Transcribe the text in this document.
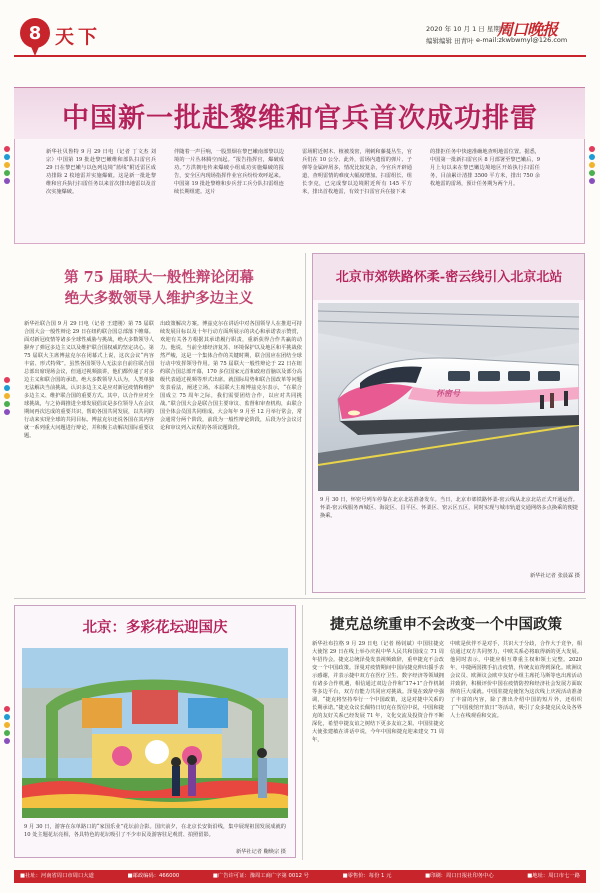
8 天下	2020 年 10 月 1 日 星期四
编辑编辑 田青叶 e-mail:zkwbwmyl@126.com
周口晚报
中国新一批赴黎维和官兵首次成功排雷
新华社贝鲁特 9 月 29 日电（记者 丁文杰 刘宗）中国第 19 批赴黎巴嫩维和部队扫雷官兵 29 日在黎巴嫩与以色列边境“蓝线”附近雷区成功排除 2 枚地雷并实施爆破。这是新一批赴黎维和官兵执行扫雷任务以来首次排出地雷以及首次实施爆破。
伴随着一声巨响，一股黑烟在黎巴嫩南部黎以边境的一片丛林腾空而起。“报告指挥官，爆破成功。”方洪朝电传来爆破小组成功实施爆破的报告，安全区内现场指挥作业官兵纷纷欢呼起来。中国第 19 批赴黎维和步兵营工兵分队扫雷组连续长期组建。这片
雷场附近树木、植被茂密，荆刺和藤蔓丛生，官兵们在 10 公分、此外，雷场内遗留的弹片、子弹等金属碎屑多，情况比较复杂，今官兵开辟通道，查明雷情的难度大幅度增加。扫雷组长、组长李克，已完成黎以边境附近所有 145 平方米，排出首枚地雷，有效于扫雷官兵在接下来
的排拒任务中快速准确地查明地雷位置。据悉，中国第一批新扫雷官兵 8 月部署至黎巴嫩后，9 月上旬以来在黎巴嫩边境地区开始执行扫雷任务，目前累计清排 3500 平方米，排出 750 余枚地雷的雷场，预计任务期为两个月。
第 75 届联大一般性辩论闭幕
绝大多数领导人维护多边主义
新华社联合国 9 月 29 日电（记者 王建刚）第 75 届联合国大会一般性辩论 29 日在纽约联合国总部落下帷幕。面对新冠疫情等诸多全球性威胁与挑战，绝大多数领导人摒弃了弹冠多边主义以及维护联合国权威的坚定决心。第 75 届联大主席博兹克尔在闭幕式上说，这次会议“内容丰富、形式特殊”。虽然各国领导人无法亲自前往联合国总部出席现场会议，但通过视频演讲，他们都传递了对多边主义和联合国的承诺。绝大多数领导人认为，人类单独无法解决当前挑战。认识多边主义是应对新冠疫情和维护多边主义、维护联合国的重要方式。其中，以合作应对全球挑战，与之协调推进全球发展倡议是多位领导人在会议期间再次达成的重要共识，帮助各国共同发展，以共同的行动来实现全球的共同目标。博兹克尔还说各国在其内容就一系列重大问题进行辩论，并积极主动解决国际重要议题。
出政策解决方案。博兹克尔在讲话中对各国领导人在推进可持续发展目标以及十年行动方面所展示的决心和承诺表示赞赏，欢迎有关各方根据其承诺履行职责，重新获得合作共赢的动力。他说，当前全球经济复苏、环境保护以及地区和平挑战依然严峻，这是一个集体合作的关键时期，联合国应在团结全球行动中发挥领导作用。第 75 届联大一般性辩论于 22 日在纽约联合国总部开幕，170 多位国家元首和政府首脑以及部分高级代表通过视频等形式出席。就国际局势和联合国改革等问题发表看法，阐述立场。本届联大主席博兹克尔表示，“在联合国成立 75 周年之际，我们需要团结合作，以应对共同挑战。”联合国大会是联合国主要审议、监督和审查机构，由联合国全体会员国共同组成。大会每年 9 月至 12 月举行常会，常会通常分两个阶段，前段为一般性辩论阶段，后段为分会议讨论和审议列入议程的各项议题阶段。
北京市郊铁路怀柔-密云线引入北京北站
怀密号
9 月 30 日，怀密号列车停靠在北京北站准备发车。当日，北京市郊铁路怀柔-密云线从北京北站正式开通运营。怀柔-密云线服务西城区、海淀区、昌平区、怀柔区、密云区五区，同时实现与城市轨道交通网络多点换乘的便捷换乘。
新华社记者 张晨霖 摄
北京：多彩花坛迎国庆
9 月 30 日，游客在东单路口的“家国乐业”花坛前合影。国庆前夕，在北京长安街沿线，集中展现祖国发展成就的 10 处主题花坛亮相，各具特色的花坛吸引了不少市民及游客驻足观赏、拍照留影。
新华社记者 鞠焕宗 摄
捷克总统重申不会改变一个中国政策
新华社布拉格 9 月 29 日电（记者 杨钊斌）中国驻捷克大使馆 29 日在线上举办庆祝中华人民共和国成立 71 周年招待会。捷克总统泽曼发表视频致辞，重申捷克不会改变一个中国政策。泽曼对疫情期间中国向捷克伸出援手表示感谢，并表示捷中双方在医疗卫生、数字经济等领域拥有诸多合作机遇，相信通过双边合作和“17+1”合作机制等多边平台，双方有能力共同应对挑战。泽曼在致辞中强调，“捷克将坚持奉行一个中国政策，这是对捷中关系的长期承诺。”捷克众议长佩特日切克在贺信中说，中国和捷克的友好关系已经发展 71 年，文化交流及投资合作不断深化，希望中捷友谊之树结下更多友谊之果。中国驻捷克大使张建敏在讲话中说，今年中国和捷克迎来建交 71 周年，
中欧是伙伴不是对手，共识大于分歧，合作大于竞争，相信通过双方共同努力，中欧关系必将取得新的更大发展。他同时表示，中捷应相互尊重主权和领土完整。2020 年，中捷两国携手抗击疫情，传统友谊得到深化。欧洲议会议员、欧洲议会欧中友好小组主席托马斯等也出席活动并致辞，积极评价中国在疫情防控和经济社会发展方面取得的巨大成就。中国驻捷克使馆为这次线上庆祝活动准备了丰富的内容，除了推出介绍中国的短片外，还组织了“中国使馆开放日”等活动，吸引了众多捷克民众及各界人士在线观看和交流。
■社址：河南省周口市周口大道	■邮政编码：466000	■广告许可证：豫周工商广字第 0012 号	■零售价：每份 1 元	■印刷：周口日报社印务中心	■地址：周口市七一路
